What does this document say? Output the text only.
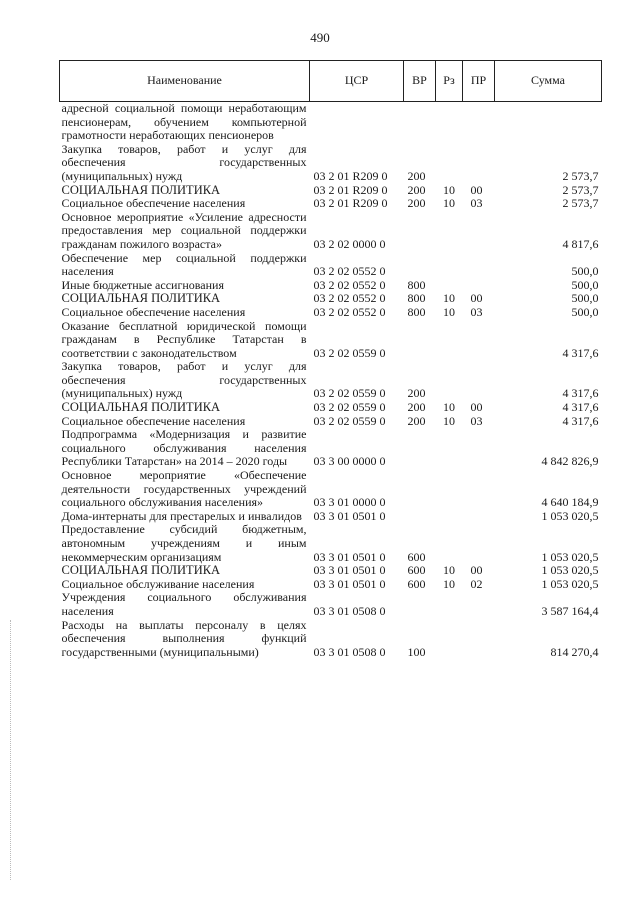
490
Наименование	ЦСР	ВР	Рз	ПР	Сумма
адресной социальной помощи неработающим пенсионерам, обучением компьютерной грамотности неработающих пенсионеров					
Закупка товаров, работ и услуг для обеспечения государственных (муниципальных) нужд	03 2 01 R209 0	200			2 573,7
СОЦИАЛЬНАЯ ПОЛИТИКА	03 2 01 R209 0	200	10	00	2 573,7
Социальное обеспечение населения	03 2 01 R209 0	200	10	03	2 573,7
Основное мероприятие «Усиление адресности предоставления мер социальной поддержки гражданам пожилого возраста»	03 2 02 0000 0				4 817,6
Обеспечение мер социальной поддержки населения	03 2 02 0552 0				500,0
Иные бюджетные ассигнования	03 2 02 0552 0	800			500,0
СОЦИАЛЬНАЯ ПОЛИТИКА	03 2 02 0552 0	800	10	00	500,0
Социальное обеспечение населения	03 2 02 0552 0	800	10	03	500,0
Оказание бесплатной юридической помощи гражданам в Республике Татарстан в соответствии с законодательством	03 2 02 0559 0				4 317,6
Закупка товаров, работ и услуг для обеспечения государственных (муниципальных) нужд	03 2 02 0559 0	200			4 317,6
СОЦИАЛЬНАЯ ПОЛИТИКА	03 2 02 0559 0	200	10	00	4 317,6
Социальное обеспечение населения	03 2 02 0559 0	200	10	03	4 317,6
Подпрограмма «Модернизация и развитие социального обслуживания населения Республики Татарстан» на 2014 – 2020 годы	03 3 00 0000 0				4 842 826,9
Основное мероприятие «Обеспечение деятельности государственных учреждений социального обслуживания населения»	03 3 01 0000 0				4 640 184,9
Дома-интернаты для престарелых и инвалидов	03 3 01 0501 0				1 053 020,5
Предоставление субсидий бюджетным, автономным учреждениям и иным некоммерческим организациям	03 3 01 0501 0	600			1 053 020,5
СОЦИАЛЬНАЯ ПОЛИТИКА	03 3 01 0501 0	600	10	00	1 053 020,5
Социальное обслуживание населения	03 3 01 0501 0	600	10	02	1 053 020,5
Учреждения социального обслуживания населения	03 3 01 0508 0				3 587 164,4
Расходы на выплаты персоналу в целях обеспечения выполнения функций государственными (муниципальными)	03 3 01 0508 0	100			814 270,4
